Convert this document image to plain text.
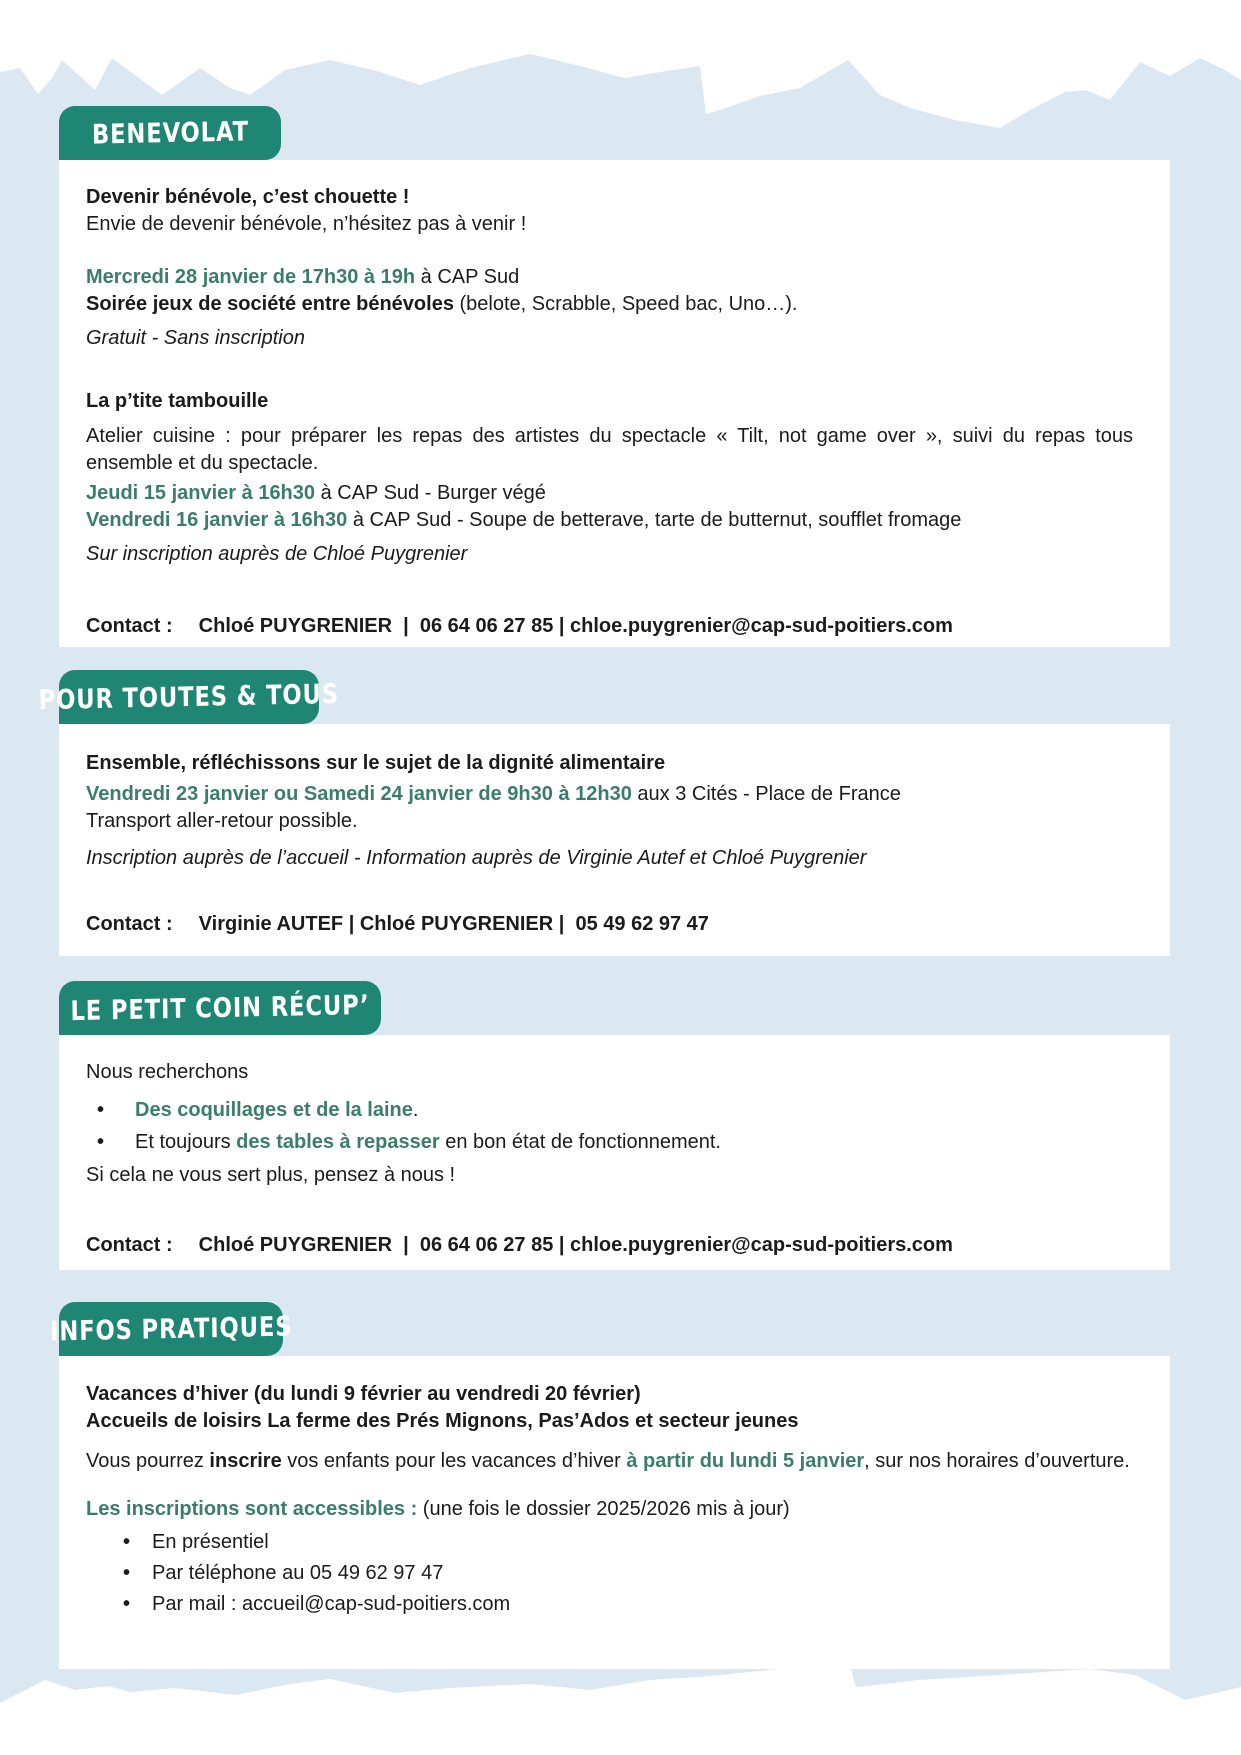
BENEVOLAT

Devenir bénévole, c’est chouette !

Envie de devenir bénévole, n’hésitez pas à venir !

Mercredi 28 janvier de 17h30 à 19h à CAP Sud

Soirée jeux de société entre bénévoles (belote, Scrabble, Speed bac, Uno…).

Gratuit - Sans inscription

La p’tite tambouille

Atelier cuisine : pour préparer les repas des artistes du spectacle « Tilt, not game over », suivi du repas tous ensemble et du spectacle.

Jeudi 15 janvier à 16h30 à CAP Sud - Burger végé

Vendredi 16 janvier à 16h30 à CAP Sud - Soupe de betterave, tarte de butternut, soufflet fromage

Sur inscription auprès de Chloé Puygrenier

Contact : Chloé PUYGRENIER  |  06 64 06 27 85 | chloe.puygrenier@cap-sud-poitiers.com

POUR TOUTES & TOUS

Ensemble, réfléchissons sur le sujet de la dignité alimentaire

Vendredi 23 janvier ou Samedi 24 janvier de 9h30 à 12h30 aux 3 Cités - Place de France

Transport aller-retour possible.

Inscription auprès de l’accueil - Information auprès de Virginie Autef et Chloé Puygrenier

Contact : Virginie AUTEF | Chloé PUYGRENIER |  05 49 62 97 47

LE PETIT COIN RÉCUP’

Nous recherchons

• Des coquillages et de la laine.

• Et toujours des tables à repasser en bon état de fonctionnement.

Si cela ne vous sert plus, pensez à nous !

Contact : Chloé PUYGRENIER  |  06 64 06 27 85 | chloe.puygrenier@cap-sud-poitiers.com

INFOS PRATIQUES

Vacances d’hiver (du lundi 9 février au vendredi 20 février)

Accueils de loisirs La ferme des Prés Mignons, Pas’Ados et secteur jeunes

Vous pourrez inscrire vos enfants pour les vacances d’hiver à partir du lundi 5 janvier, sur nos horaires d’ouverture.

Les inscriptions sont accessibles : (une fois le dossier 2025/2026 mis à jour)

• En présentiel

• Par téléphone au 05 49 62 97 47

• Par mail : accueil@cap-sud-poitiers.com
